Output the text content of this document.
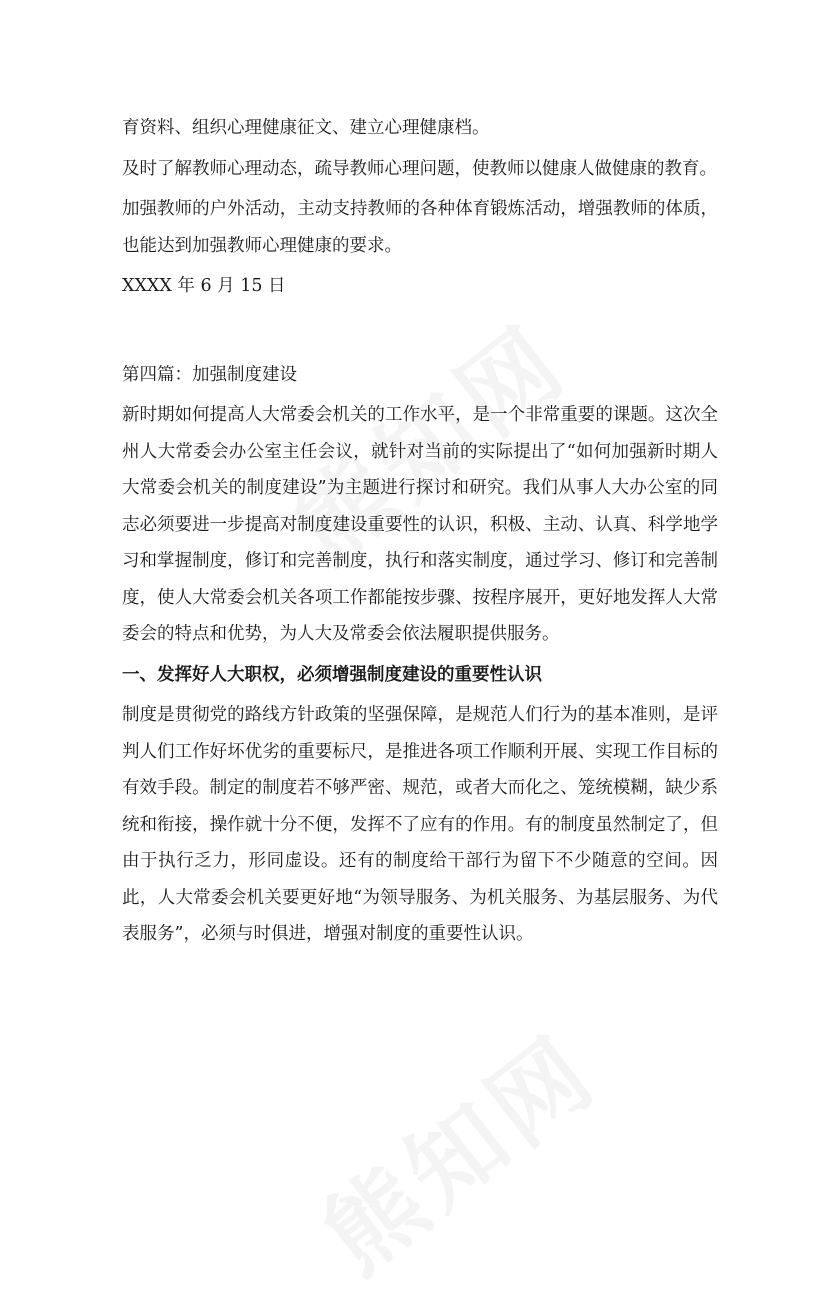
育资料、组织心理健康征文、建立心理健康档。

及时了解教师心理动态，疏导教师心理问题，使教师以健康人做健康的教育。

加强教师的户外活动，主动支持教师的各种体育锻炼活动，增强教师的体质，也能达到加强教师心理健康的要求。

XXXX 年 6 月 15 日

第四篇：加强制度建设

新时期如何提高人大常委会机关的工作水平，是一个非常重要的课题。这次全州人大常委会办公室主任会议，就针对当前的实际提出了“如何加强新时期人大常委会机关的制度建设”为主题进行探讨和研究。我们从事人大办公室的同志必须要进一步提高对制度建设重要性的认识，积极、主动、认真、科学地学习和掌握制度，修订和完善制度，执行和落实制度，通过学习、修订和完善制度，使人大常委会机关各项工作都能按步骤、按程序展开，更好地发挥人大常委会的特点和优势，为人大及常委会依法履职提供服务。

一、发挥好人大职权，必须增强制度建设的重要性认识

制度是贯彻党的路线方针政策的坚强保障，是规范人们行为的基本准则，是评判人们工作好坏优劣的重要标尺，是推进各项工作顺利开展、实现工作目标的有效手段。制定的制度若不够严密、规范，或者大而化之、笼统模糊，缺少系统和衔接，操作就十分不便，发挥不了应有的作用。有的制度虽然制定了，但由于执行乏力，形同虚设。还有的制度给干部行为留下不少随意的空间。因此，人大常委会机关要更好地“为领导服务、为机关服务、为基层服务、为代表服务”，必须与时俱进，增强对制度的重要性认识。
